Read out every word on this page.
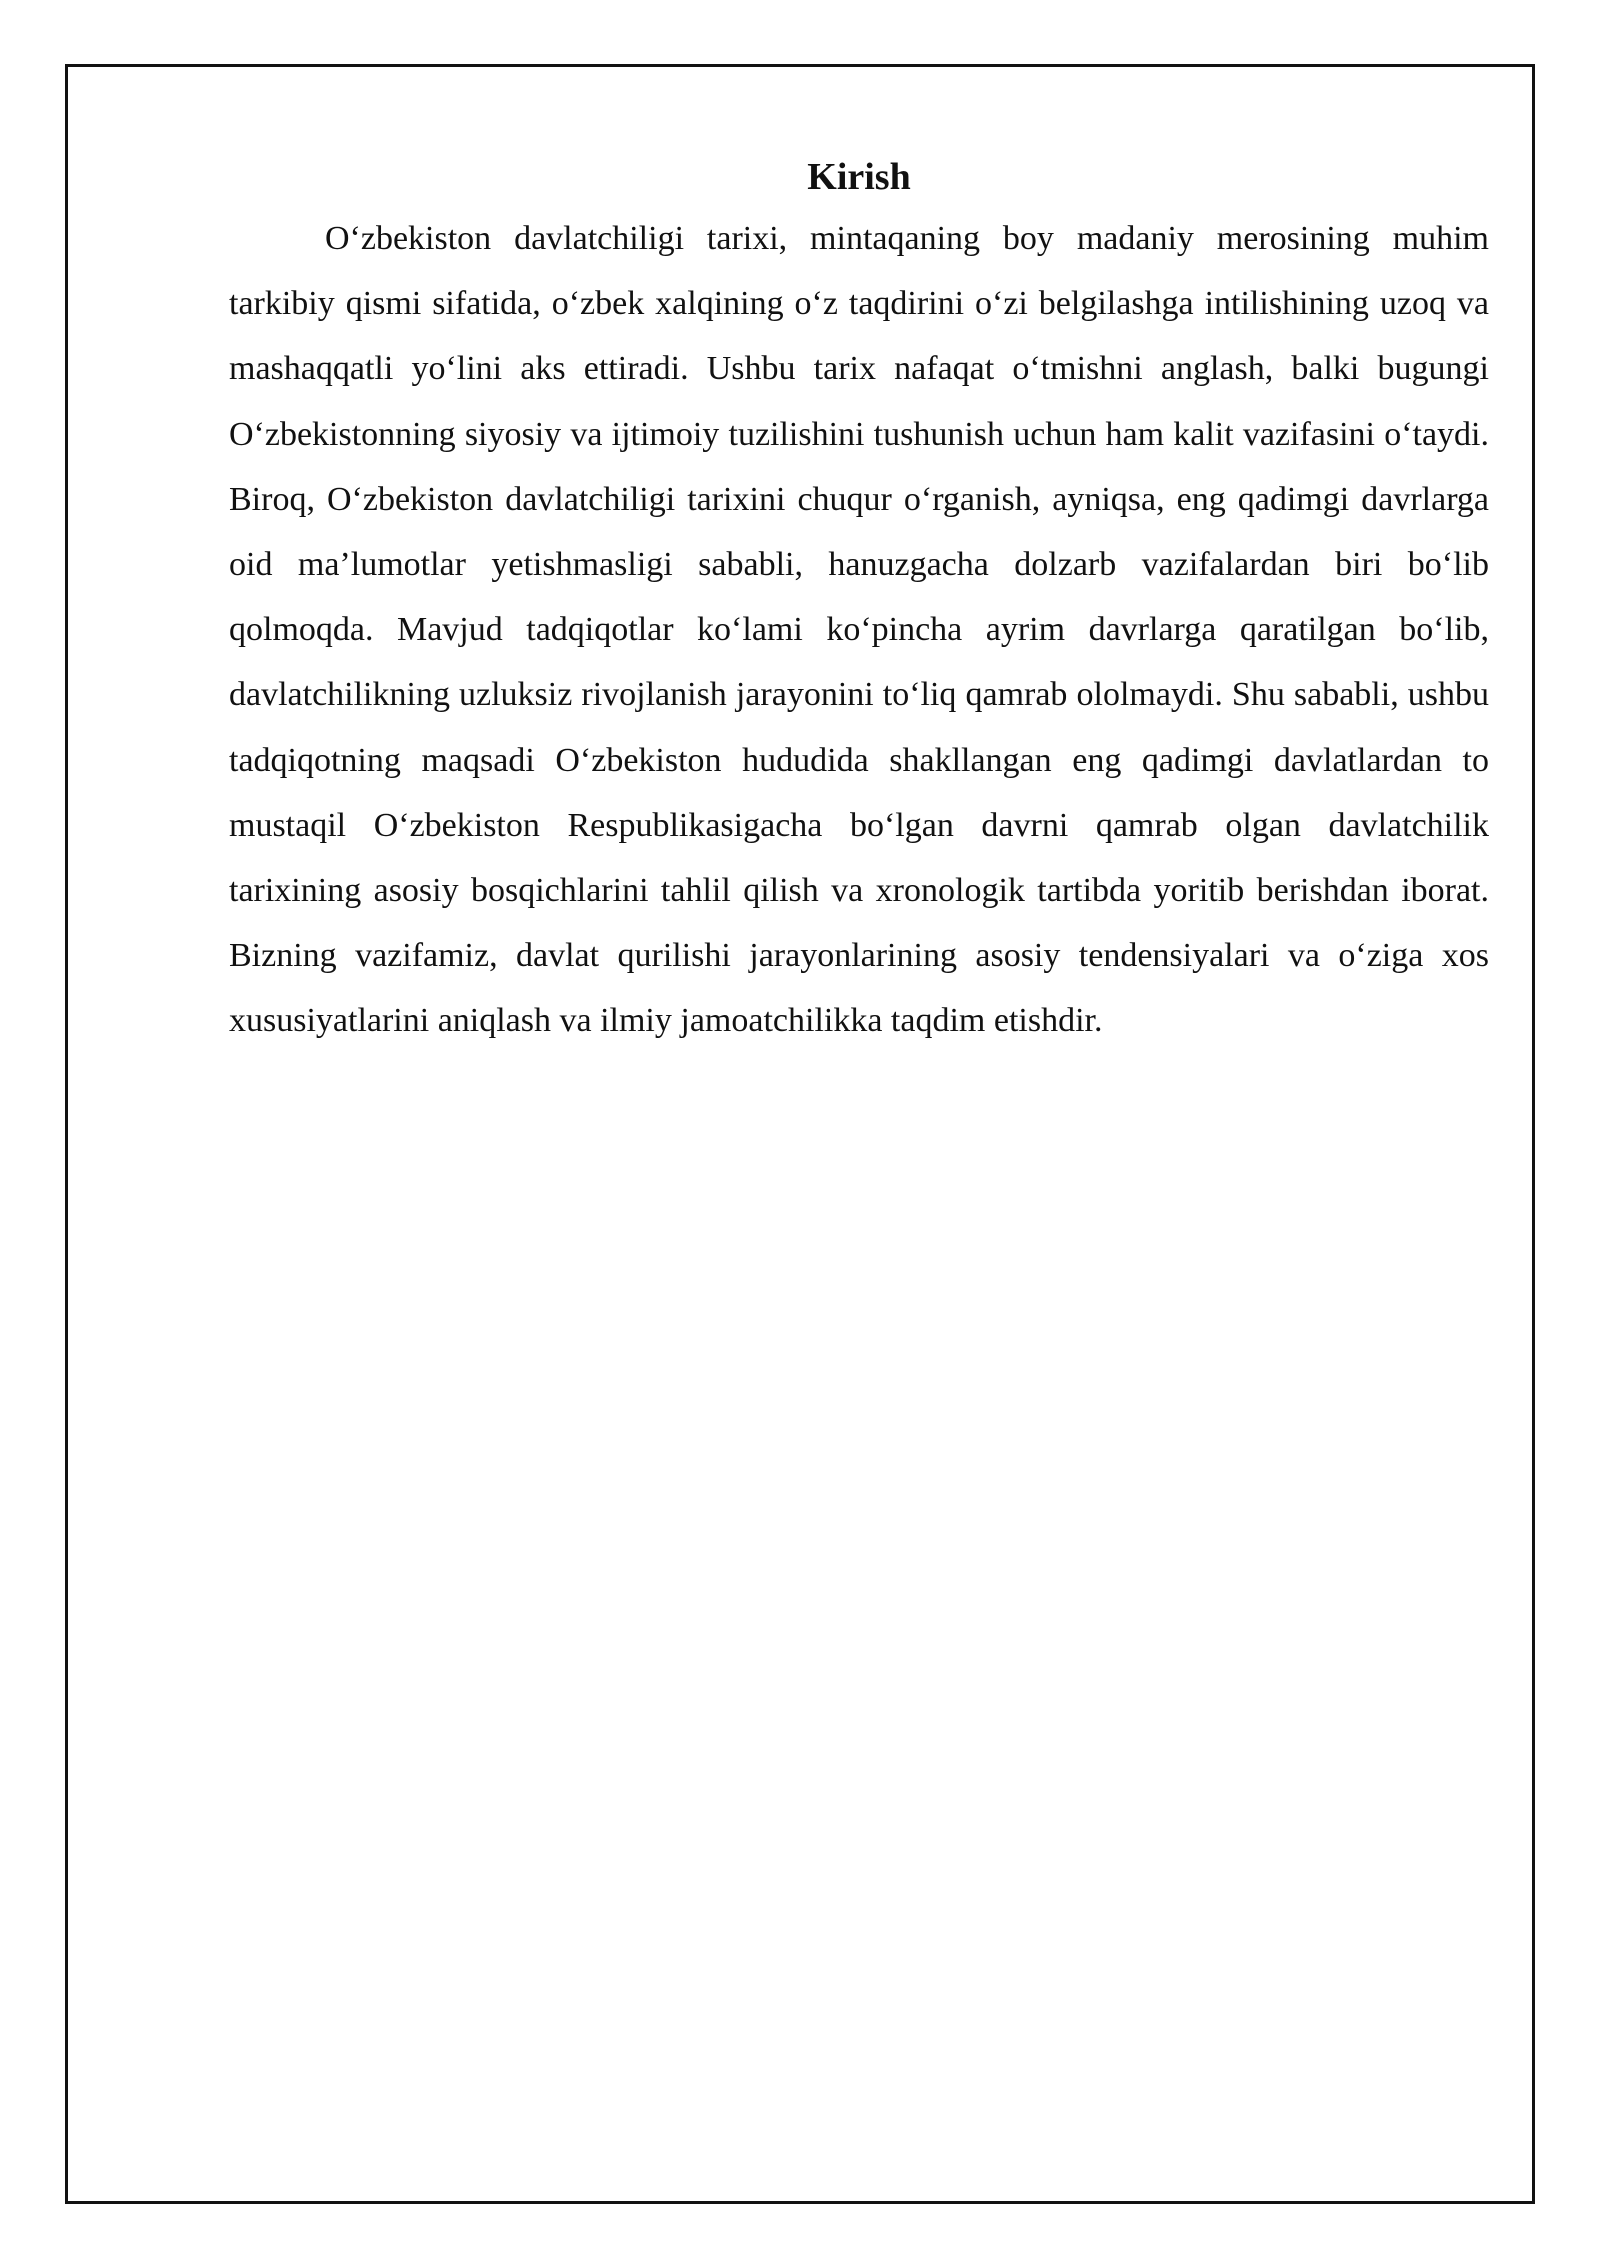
Kirish

O‘zbekiston davlatchiligi tarixi, mintaqaning boy madaniy merosining muhim tarkibiy qismi sifatida, o‘zbek xalqining o‘z taqdirini o‘zi belgilashga intilishining uzoq va mashaqqatli yo‘lini aks ettiradi. Ushbu tarix nafaqat o‘tmishni anglash, balki bugungi O‘zbekistonning siyosiy va ijtimoiy tuzilishini tushunish uchun ham kalit vazifasini o‘taydi. Biroq, O‘zbekiston davlatchiligi tarixini chuqur o‘rganish, ayniqsa, eng qadimgi davrlarga oid ma’lumotlar yetishmasligi sababli, hanuzgacha dolzarb vazifalardan biri bo‘lib qolmoqda. Mavjud tadqiqotlar ko‘lami ko‘pincha ayrim davrlarga qaratilgan bo‘lib, davlatchilikning uzluksiz rivojlanish jarayonini to‘liq qamrab ololmaydi. Shu sababli, ushbu tadqiqotning maqsadi O‘zbekiston hududida shakllangan eng qadimgi davlatlardan to mustaqil O‘zbekiston Respublikasigacha bo‘lgan davrni qamrab olgan davlatchilik tarixining asosiy bosqichlarini tahlil qilish va xronologik tartibda yoritib berishdan iborat. Bizning vazifamiz, davlat qurilishi jarayonlarining asosiy tendensiyalari va o‘ziga xos xususiyatlarini aniqlash va ilmiy jamoatchilikka taqdim etishdir.
